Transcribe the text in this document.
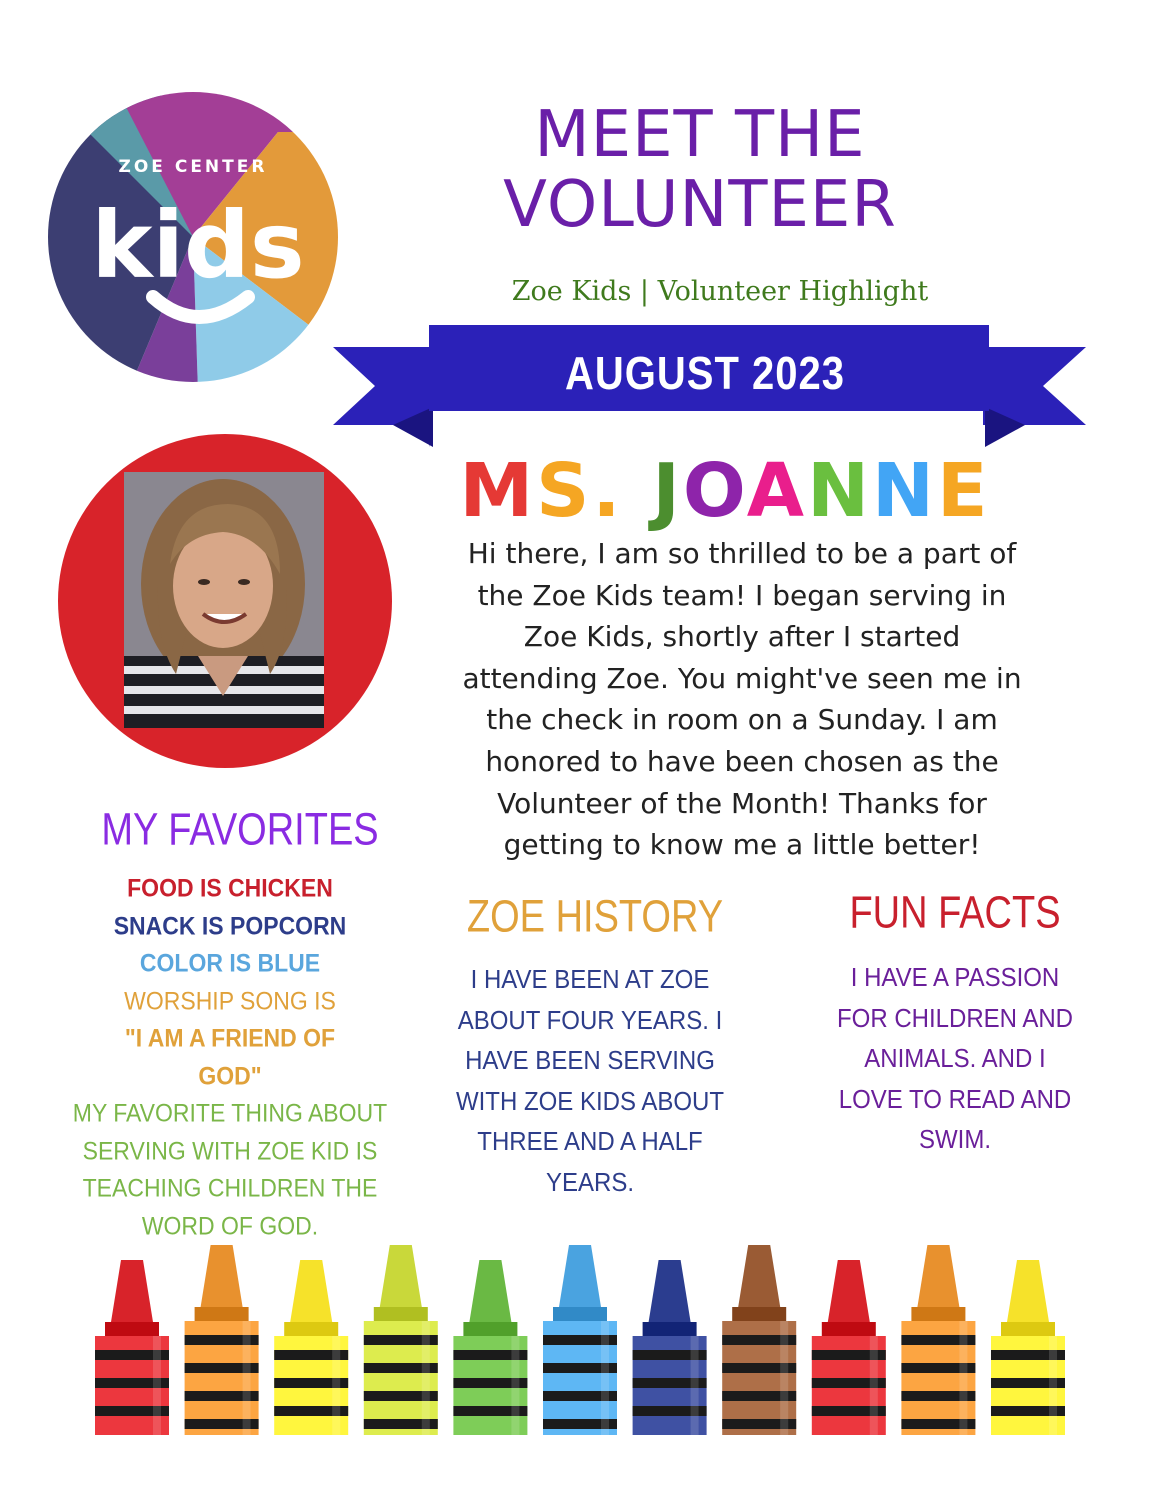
ZOE CENTER
kids
MEET THE
VOLUNTEER
Zoe Kids | Volunteer Highlight
AUGUST 2023
MS. JOANNE
Hi there, I am so thrilled to be a part of
the Zoe Kids team! I began serving in
Zoe Kids, shortly after I started
attending Zoe. You might've seen me in
the check in room on a Sunday. I am
honored to have been chosen as the
Volunteer of the Month! Thanks for
getting to know me a little better!
MY FAVORITES
FOOD IS CHICKEN
SNACK IS POPCORN
COLOR IS BLUE
WORSHIP SONG IS
"I AM A FRIEND OF
GOD"
MY FAVORITE THING ABOUT
SERVING WITH ZOE KID IS
TEACHING CHILDREN THE
WORD OF GOD.
ZOE HISTORY
I HAVE BEEN AT ZOE
ABOUT FOUR YEARS. I
HAVE BEEN SERVING
WITH ZOE KIDS ABOUT
THREE AND A HALF
YEARS.
FUN FACTS
I HAVE A PASSION
FOR CHILDREN AND
ANIMALS. AND I
LOVE TO READ AND
SWIM.
